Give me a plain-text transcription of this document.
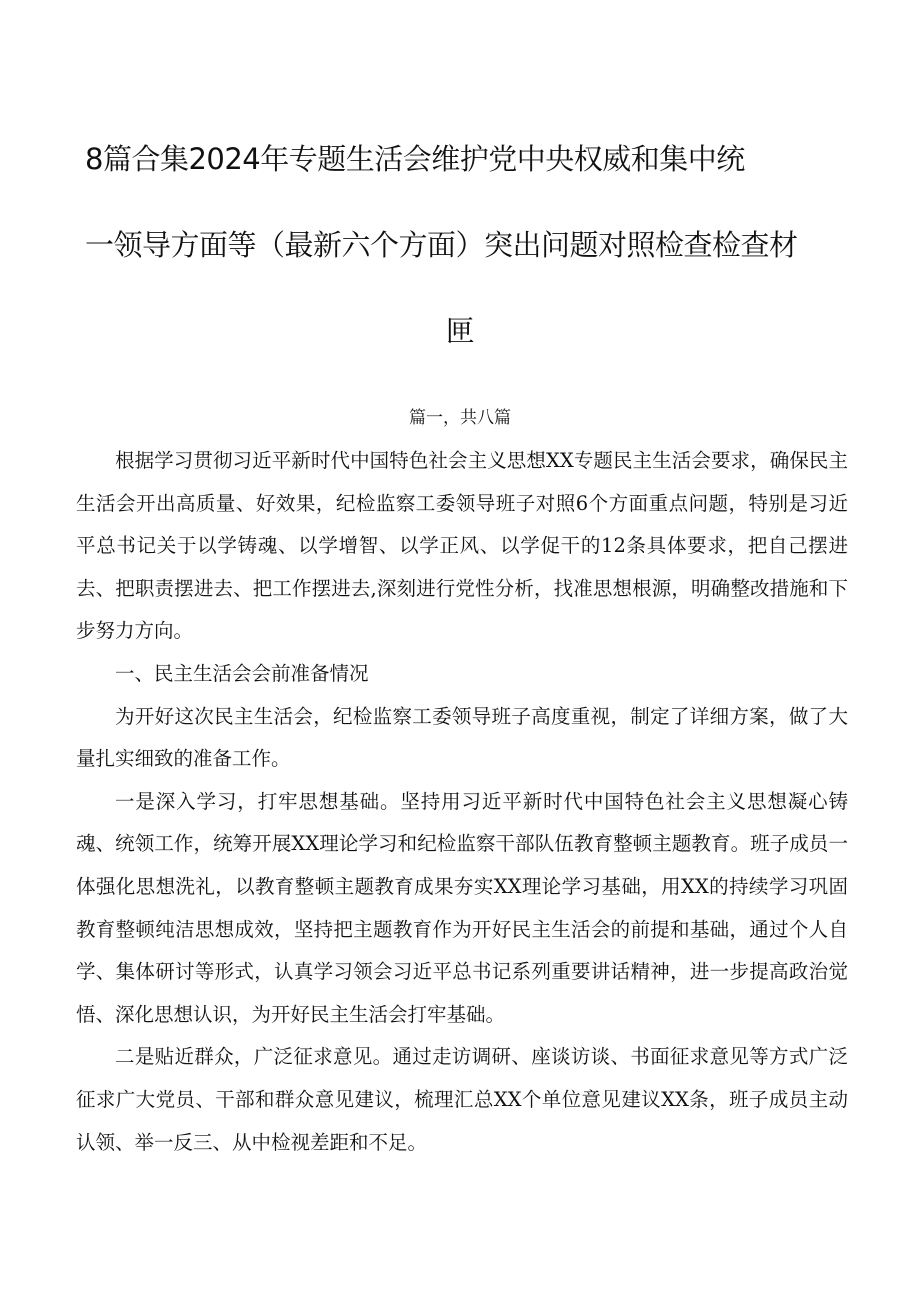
8篇合集2024年专题生活会维护党中央权威和集中统
一领导方面等（最新六个方面）突出问题对照检查检查材
匣
篇一，共八篇

根据学习贯彻习近平新时代中国特色社会主义思想XX专题民主生活会要求，确保民主生活会开出高质量、好效果，纪检监察工委领导班子对照6个方面重点问题，特别是习近平总书记关于以学铸魂、以学增智、以学正风、以学促干的12条具体要求，把自己摆进去、把职责摆进去、把工作摆进去,深刻进行党性分析，找准思想根源，明确整改措施和下步努力方向。

一、民主生活会会前准备情况

为开好这次民主生活会，纪检监察工委领导班子高度重视，制定了详细方案，做了大量扎实细致的准备工作。

一是深入学习，打牢思想基础。坚持用习近平新时代中国特色社会主义思想凝心铸魂、统领工作，统筹开展XX理论学习和纪检监察干部队伍教育整顿主题教育。班子成员一体强化思想洗礼，以教育整顿主题教育成果夯实XX理论学习基础，用XX的持续学习巩固教育整顿纯洁思想成效，坚持把主题教育作为开好民主生活会的前提和基础，通过个人自学、集体研讨等形式，认真学习领会习近平总书记系列重要讲话精神，进一步提高政治觉悟、深化思想认识，为开好民主生活会打牢基础。

二是贴近群众，广泛征求意见。通过走访调研、座谈访谈、书面征求意见等方式广泛征求广大党员、干部和群众意见建议，梳理汇总XX个单位意见建议XX条，班子成员主动认领、举一反三、从中检视差距和不足。
